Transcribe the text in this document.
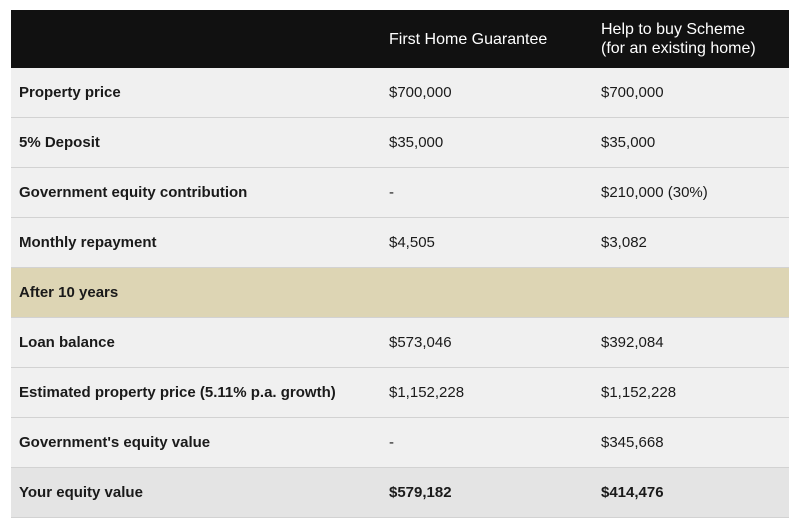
	First Home Guarantee	Help to buy Scheme
(for an existing home)
Property price	$700,000	$700,000
5% Deposit	$35,000	$35,000
Government equity contribution	-	$210,000 (30%)
Monthly repayment	$4,505	$3,082
After 10 years		
Loan balance	$573,046	$392,084
Estimated property price (5.11% p.a. growth)	$1,152,228	$1,152,228
Government's equity value	-	$345,668
Your equity value	$579,182	$414,476
